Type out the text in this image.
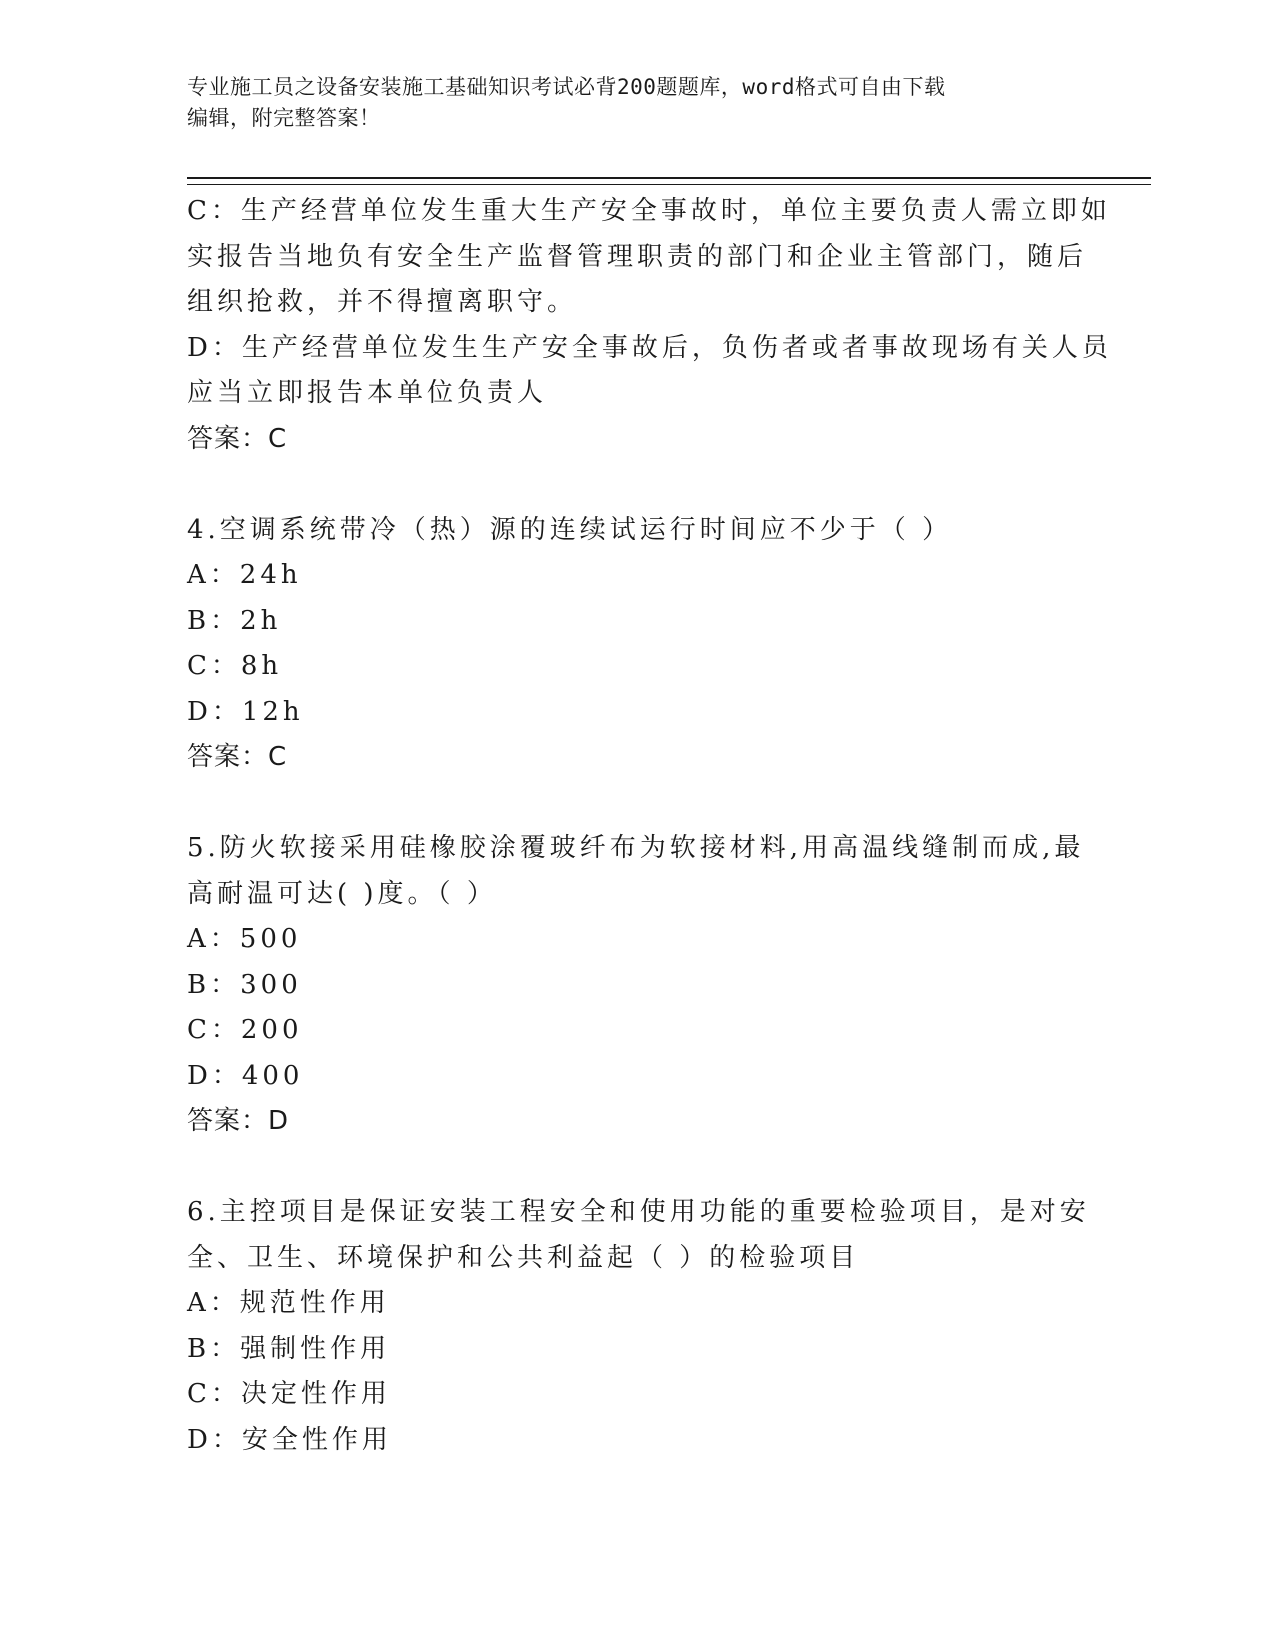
专业施工员之设备安装施工基础知识考试必背200题题库，word格式可自由下载
编辑，附完整答案！
C：生产经营单位发生重大生产安全事故时，单位主要负责人需立即如
实报告当地负有安全生产监督管理职责的部门和企业主管部门，随后
组织抢救，并不得擅离职守。
D：生产经营单位发生生产安全事故后，负伤者或者事故现场有关人员
应当立即报告本单位负责人
答案：C
4.空调系统带冷（热）源的连续试运行时间应不少于（ ）
A：24h
B：2h
C：8h
D：12h
答案：C
5.防火软接采用硅橡胶涂覆玻纤布为软接材料,用高温线缝制而成,最
高耐温可达( )度。（ ）
A：500
B：300
C：200
D：400
答案：D
6.主控项目是保证安装工程安全和使用功能的重要检验项目，是对安
全、卫生、环境保护和公共利益起（ ）的检验项目
A：规范性作用
B：强制性作用
C：决定性作用
D：安全性作用
